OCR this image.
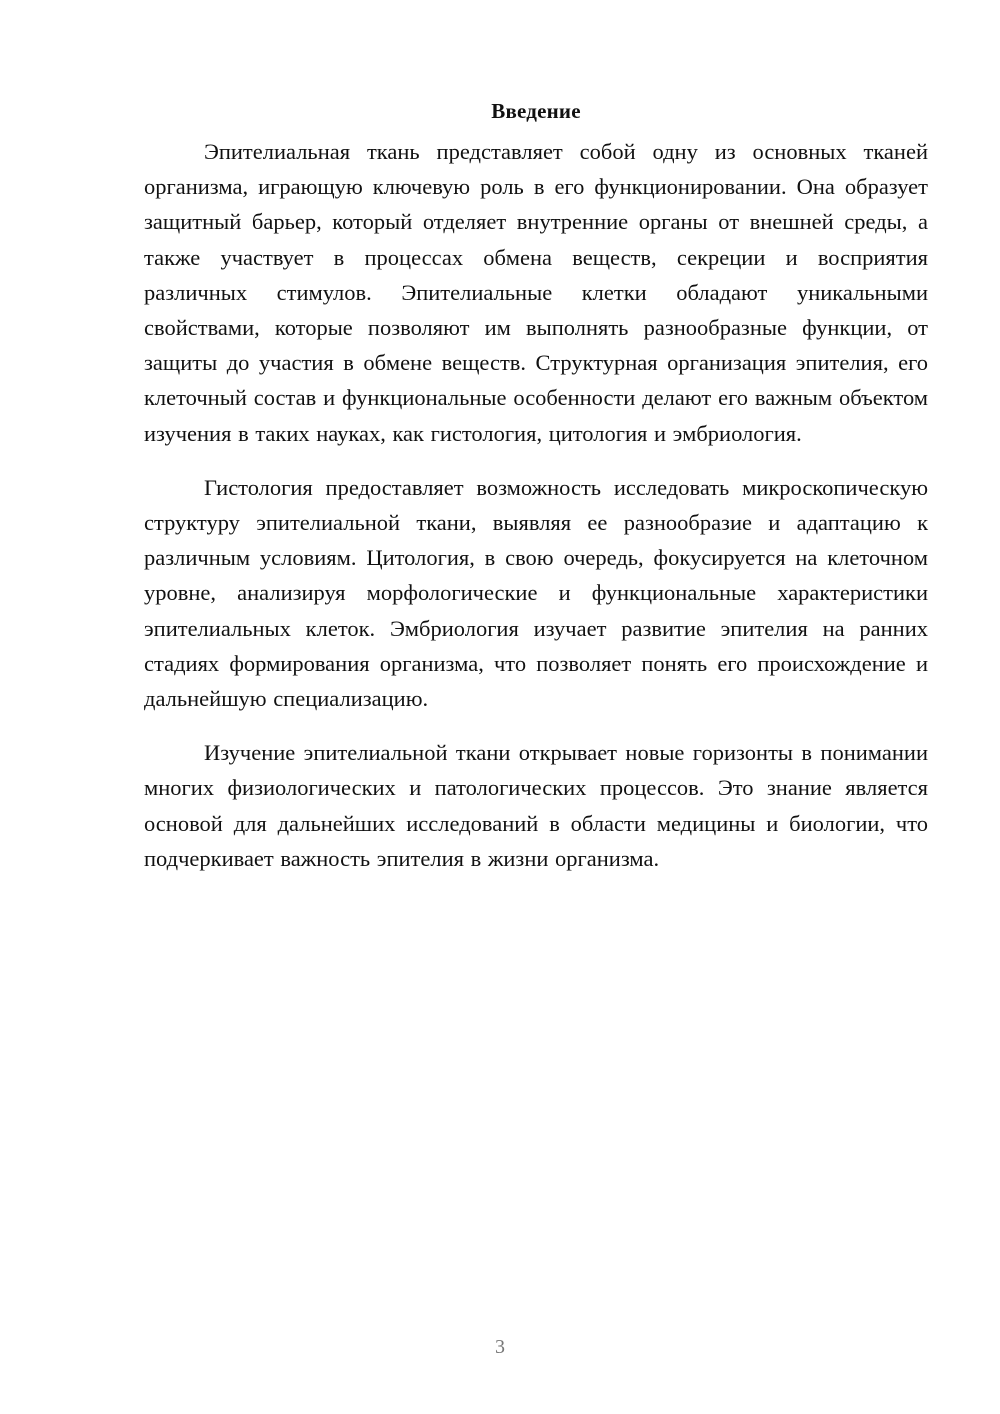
Введение

Эпителиальная ткань представляет собой одну из основных тканей организма, играющую ключевую роль в его функционировании. Она образует защитный барьер, который отделяет внутренние органы от внешней среды, а также участвует в процессах обмена веществ, секреции и восприятия различных стимулов. Эпителиальные клетки обладают уникальными свойствами, которые позволяют им выполнять разнообразные функции, от защиты до участия в обмене веществ. Структурная организация эпителия, его клеточный состав и функциональные особенности делают его важным объектом изучения в таких науках, как гистология, цитология и эмбриология.

Гистология предоставляет возможность исследовать микроскопическую структуру эпителиальной ткани, выявляя ее разнообразие и адаптацию к различным условиям. Цитология, в свою очередь, фокусируется на клеточном уровне, анализируя морфологические и функциональные характеристики эпителиальных клеток. Эмбриология изучает развитие эпителия на ранних стадиях формирования организма, что позволяет понять его происхождение и дальнейшую специализацию.

Изучение эпителиальной ткани открывает новые горизонты в понимании многих физиологических и патологических процессов. Это знание является основой для дальнейших исследований в области медицины и биологии, что подчеркивает важность эпителия в жизни организма.

3
